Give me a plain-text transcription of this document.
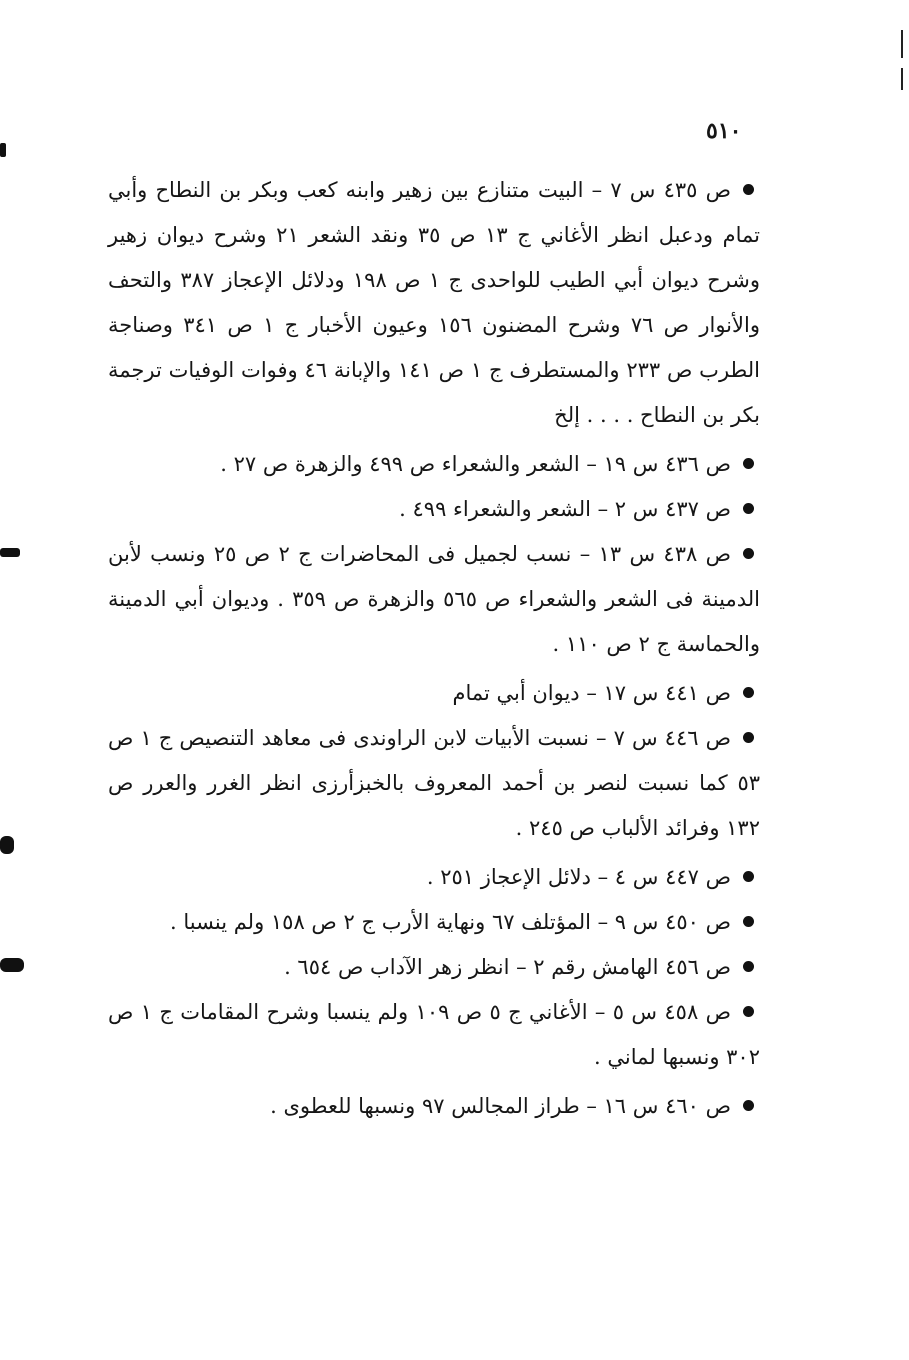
٥١٠

ص ٤٣٥ س ٧ – البيت متنازع بين زهير وابنه كعب وبكر بن النطاح وأبي تمام ودعبل انظر الأغاني ج ١٣ ص ٣٥ ونقد الشعر ٢١ وشرح ديوان زهير وشرح ديوان أبي الطيب للواحدى ج ١ ص ١٩٨ ودلائل الإعجاز ٣٨٧ والتحف والأنوار ص ٧٦ وشرح المضنون ١٥٦ وعيون الأخبار ج ١ ص ٣٤١ وصناجة الطرب ص ٢٣٣ والمستطرف ج ١ ص ١٤١ والإبانة ٤٦ وفوات الوفيات ترجمة بكر بن النطاح . . . . إلخ

ص ٤٣٦ س ١٩ – الشعر والشعراء ص ٤٩٩ والزهرة ص ٢٧ .

ص ٤٣٧ س ٢ – الشعر والشعراء ٤٩٩ .

ص ٤٣٨ س ١٣ – نسب لجميل فى المحاضرات ج ٢ ص ٢٥ ونسب لأبن الدمينة فى الشعر والشعراء ص ٥٦٥ والزهرة ص ٣٥٩ . وديوان أبي الدمينة والحماسة ج ٢ ص ١١٠ .

ص ٤٤١ س ١٧ – ديوان أبي تمام

ص ٤٤٦ س ٧ – نسبت الأبيات لابن الراوندى فى معاهد التنصيص ج ١ ص ٥٣ كما نسبت لنصر بن أحمد المعروف بالخبزأرزى انظر الغرر والعرر ص ١٣٢ وفرائد الألباب ص ٢٤٥ .

ص ٤٤٧ س ٤ – دلائل الإعجاز ٢٥١ .

ص ٤٥٠ س ٩ – المؤتلف ٦٧ ونهاية الأرب ج ٢ ص ١٥٨ ولم ينسبا .

ص ٤٥٦ الهامش رقم ٢ – انظر زهر الآداب ص ٦٥٤ .

ص ٤٥٨ س ٥ – الأغاني ج ٥ ص ١٠٩ ولم ينسبا وشرح المقامات ج ١ ص ٣٠٢ ونسبها لماني .

ص ٤٦٠ س ١٦ – طراز المجالس ٩٧ ونسبها للعطوى .
